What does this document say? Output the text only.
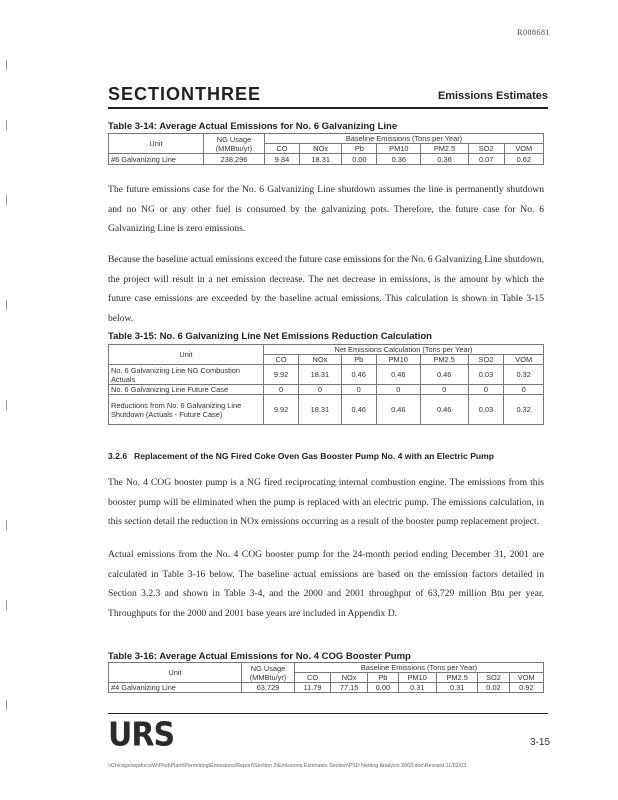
R008681
SECTIONTHREE	Emissions Estimates
Table 3-14: Average Actual Emissions for No. 6 Galvanizing Line
Unit	NG Usage (MMBtu/yr)	Baseline Emissions (Tons per Year)						
		CO	NOx	Pb	PM10	PM2.5	SO2	VOM
#6 Galvanizing Line	238,296	9.84	18.31	0.00	0.36	0.36	0.07	0.62
The future emissions case for the No. 6 Galvanizing Line shutdown assumes the line is permanently shutdown and no NG or any other fuel is consumed by the galvanizing pots. Therefore, the future case for No. 6 Galvanizing Line is zero emissions.
Because the baseline actual emissions exceed the future case emissions for the No. 6 Galvanizing Line shutdown, the project will result in a net emission decrease. The net decrease in emissions, is the amount by which the future case emissions are exceeded by the baseline actual emissions. This calculation is shown in Table 3-15 below.
Table 3-15: No. 6 Galvanizing Line Net Emissions Reduction Calculation
Unit	Net Emissions Calculation (Tons per Year)						
	CO	NOx	Pb	PM10	PM2.5	SO2	VOM
No. 6 Galvanizing Line NG Combustion Actuals	9.92	18.31	0.46	0.46	0.46	0.03	0.32
No. 6 Galvanizing Line Future Case	0	0	0	0	0	0	0
Reductions from No. 6 Galvanizing Line Shutdown (Actuals - Future Case)	9.92	18.31	0.46	0.46	0.46	0.03	0.32
3.2.6 Replacement of the NG Fired Coke Oven Gas Booster Pump No. 4 with an Electric Pump
The No. 4 COG booster pump is a NG fired reciprocating internal combustion engine. The emissions from this booster pump will be eliminated when the pump is replaced with an electric pump. The emissions calculation, in this section detail the reduction in NOx emissions occurring as a result of the booster pump replacement project.
Actual emissions from the No. 4 COG booster pump for the 24-month period ending December 31, 2001 are calculated in Table 3-16 below. The baseline actual emissions are based on the emission factors detailed in Section 3.2.3 and shown in Table 3-4, and the 2000 and 2001 throughput of 63,729 million Btu per year. Throughputs for the 2000 and 2001 base years are included in Appendix D.
Table 3-16: Average Actual Emissions for No. 4 COG Booster Pump
Unit	NG Usage (MMBtu/yr)	Baseline Emissions (Tons per Year)						
		CO	NOx	Pb	PM10	PM2.5	SO2	VOM
#4 Galvanizing Line	63,729	11.79	77.15	0.00	0.31	0.31	0.02	0.92
URS	3-15
\\Chicago\wpdocs\W\Pilot\Plant\Permitting\Emissions\Report\Section 3\Emissions Estimates Section\PSD Netting Analysis 2003.doc\Revised 11/02/03
